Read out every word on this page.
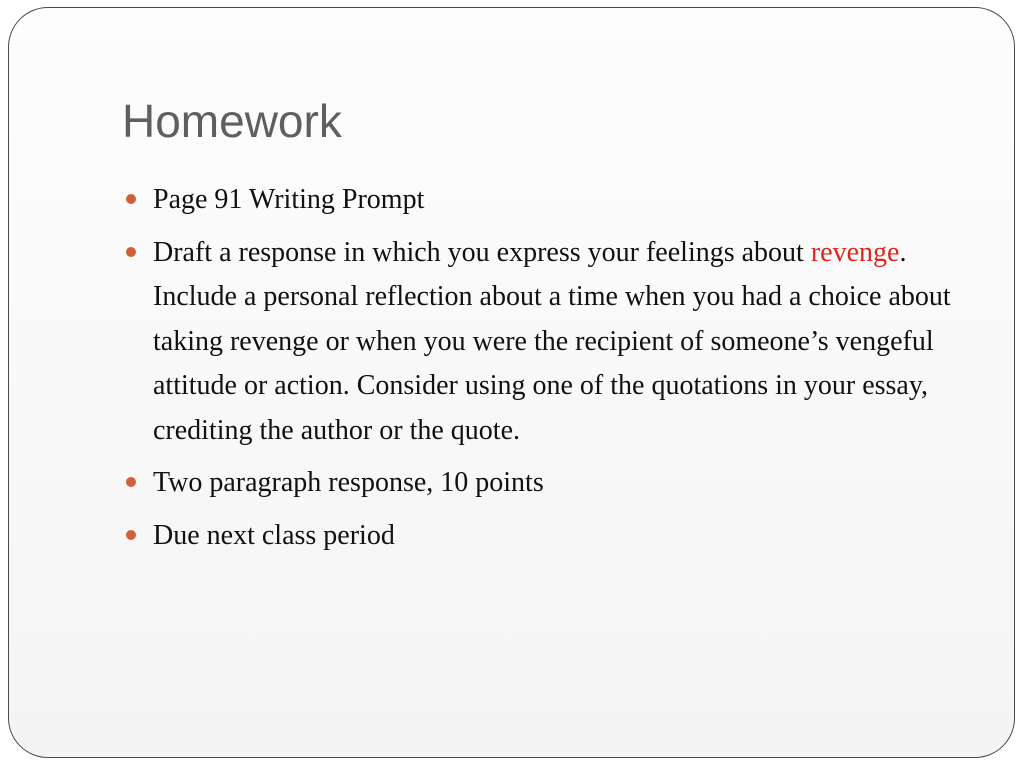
Homework
Page 91 Writing Prompt
Draft a response in which you express your feelings about revenge. Include a personal reflection about a time when you had a choice about taking revenge or when you were the recipient of someone’s vengeful attitude or action. Consider using one of the quotations in your essay, crediting the author or the quote.
Two paragraph response, 10 points
Due next class period
